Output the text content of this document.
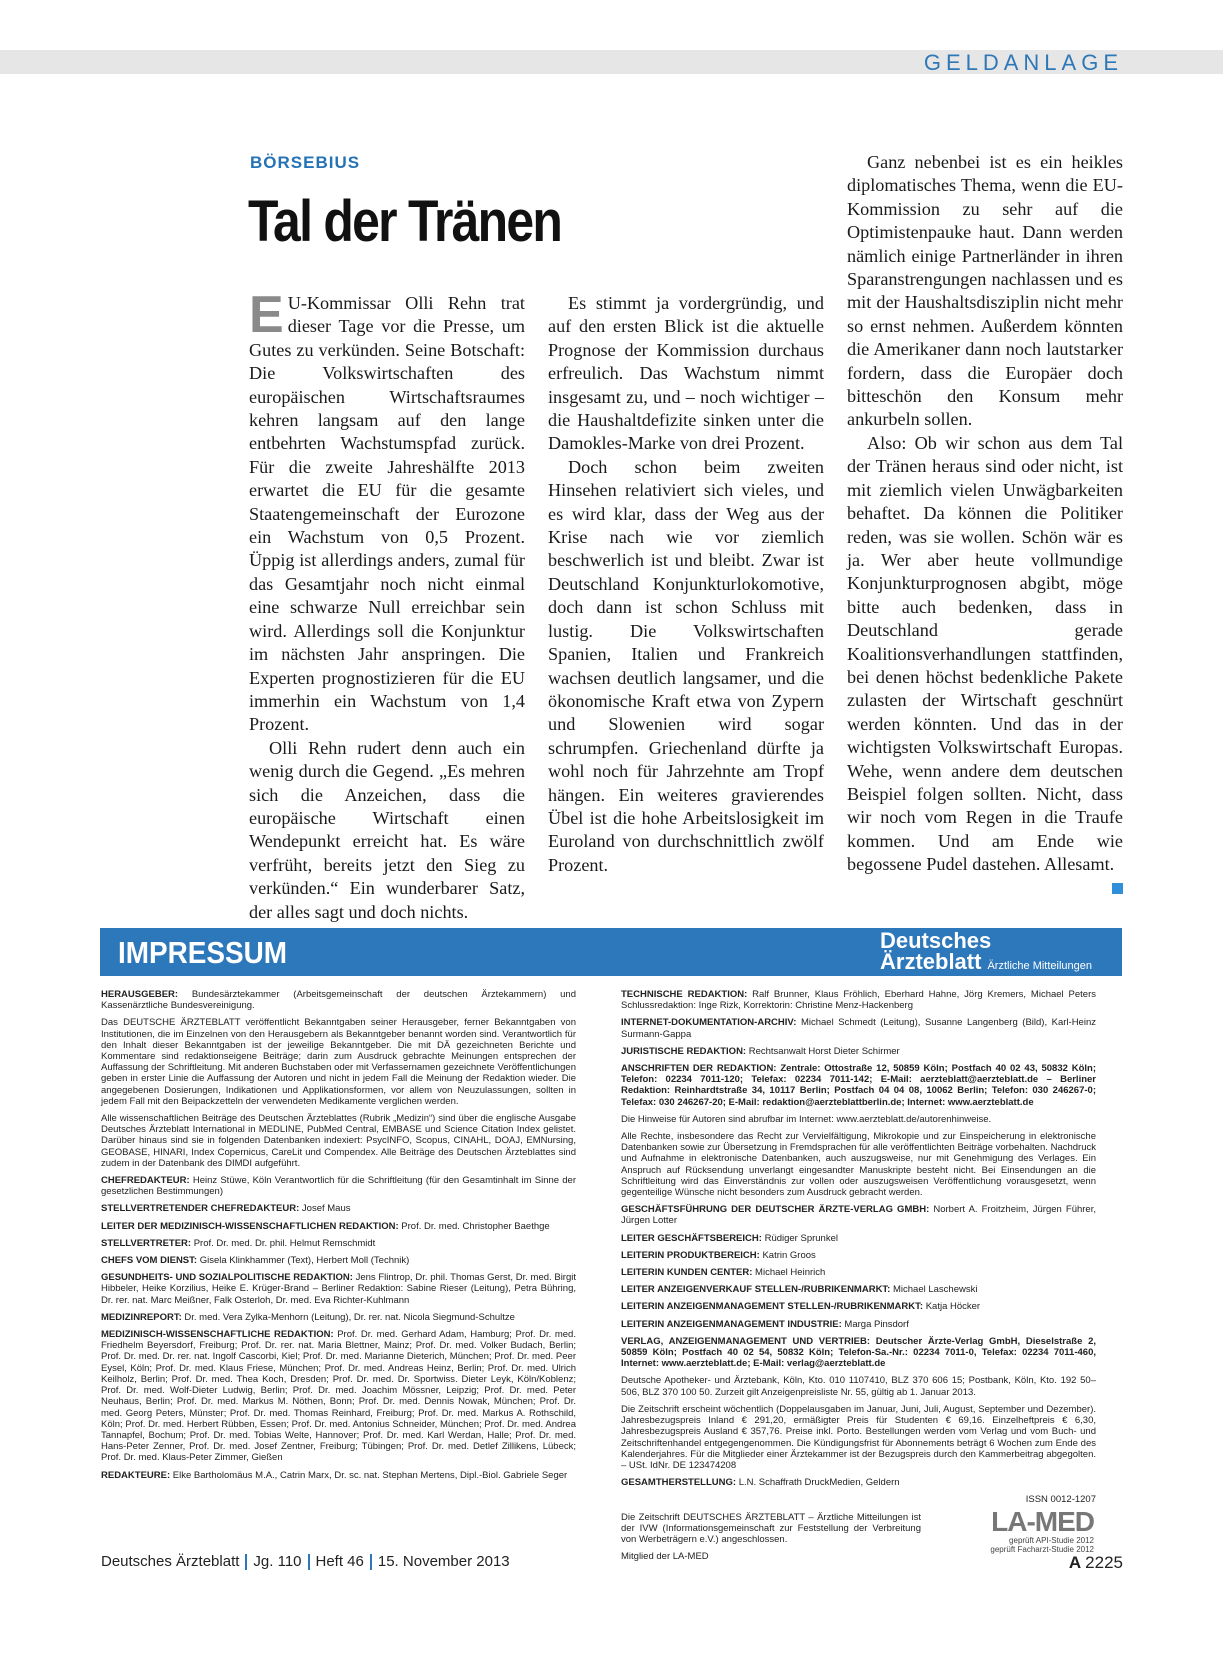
GELDANLAGE
BÖRSEBIUS
Tal der Tränen

E U-Kommissar Olli Rehn trat dieser Tage vor die Presse, um Gutes zu verkünden. Seine Botschaft: Die Volkswirtschaften des europäischen Wirtschaftsraumes kehren langsam auf den lange entbehrten Wachstumspfad zurück. Für die zweite Jahreshälfte 2013 erwartet die EU für die gesamte Staatengemeinschaft der Eurozone ein Wachstum von 0,5 Prozent. Üppig ist allerdings anders, zumal für das Gesamtjahr noch nicht einmal eine schwarze Null erreichbar sein wird. Allerdings soll die Konjunktur im nächsten Jahr anspringen. Die Experten prognostizieren für die EU immerhin ein Wachstum von 1,4 Prozent.

Olli Rehn rudert denn auch ein wenig durch die Gegend. „Es mehren sich die Anzeichen, dass die europäische Wirtschaft einen Wendepunkt erreicht hat. Es wäre verfrüht, bereits jetzt den Sieg zu verkünden.“ Ein wunderbarer Satz, der alles sagt und doch nichts.

Es stimmt ja vordergründig, und auf den ersten Blick ist die aktuelle Prognose der Kommission durchaus erfreulich. Das Wachstum nimmt insgesamt zu, und – noch wichtiger – die Haushaltdefizite sinken unter die Damokles-Marke von drei Prozent.

Doch schon beim zweiten Hinsehen relativiert sich vieles, und es wird klar, dass der Weg aus der Krise nach wie vor ziemlich beschwerlich ist und bleibt. Zwar ist Deutschland Konjunkturlokomotive, doch dann ist schon Schluss mit lustig. Die Volkswirtschaften Spanien, Italien und Frankreich wachsen deutlich langsamer, und die ökonomische Kraft etwa von Zypern und Slowenien wird sogar schrumpfen. Griechenland dürfte ja wohl noch für Jahrzehnte am Tropf hängen. Ein weiteres gravierendes Übel ist die hohe Arbeitslosigkeit im Euroland von durchschnittlich zwölf Prozent.

Ganz nebenbei ist es ein heikles diplomatisches Thema, wenn die EU-Kommission zu sehr auf die Optimistenpauke haut. Dann werden nämlich einige Partnerländer in ihren Sparanstrengungen nachlassen und es mit der Haushaltsdisziplin nicht mehr so ernst nehmen. Außerdem könnten die Amerikaner dann noch lautstarker fordern, dass die Europäer doch bitteschön den Konsum mehr ankurbeln sollen.

Also: Ob wir schon aus dem Tal der Tränen heraus sind oder nicht, ist mit ziemlich vielen Unwägbarkeiten behaftet. Da können die Politiker reden, was sie wollen. Schön wär es ja. Wer aber heute vollmundige Konjunkturprognosen abgibt, möge bitte auch bedenken, dass in Deutschland gerade Koalitionsverhandlungen stattfinden, bei denen höchst bedenkliche Pakete zulasten der Wirtschaft geschnürt werden könnten. Und das in der wichtigsten Volkswirtschaft Europas. Wehe, wenn andere dem deutschen Beispiel folgen sollten. Nicht, dass wir noch vom Regen in die Traufe kommen. Und am Ende wie begossene Pudel dastehen. Allesamt.

IMPRESSUM	Deutsches
Ärzteblatt Ärztliche Mitteilungen

HERAUSGEBER: Bundesärztekammer (Arbeitsgemeinschaft der deutschen Ärztekammern) und Kassenärztliche Bundesvereinigung.

Das DEUTSCHE ÄRZTEBLATT veröffentlicht Bekanntgaben seiner Herausgeber, ferner Bekanntgaben von Institutionen, die im Einzelnen von den Herausgebern als Bekanntgeber benannt worden sind. Verantwortlich für den Inhalt dieser Bekanntgaben ist der jeweilige Bekanntgeber. Die mit DÄ gezeichneten Berichte und Kommentare sind redaktionseigene Beiträge; darin zum Ausdruck gebrachte Meinungen entsprechen der Auffassung der Schriftleitung. Mit anderen Buchstaben oder mit Verfassernamen gezeichnete Veröffentlichungen geben in erster Linie die Auffassung der Autoren und nicht in jedem Fall die Meinung der Redaktion wieder. Die angegebenen Dosierungen, Indikationen und Applikationsformen, vor allem von Neuzulassungen, sollten in jedem Fall mit den Beipackzetteln der verwendeten Medikamente verglichen werden.

Alle wissenschaftlichen Beiträge des Deutschen Ärzteblattes (Rubrik „Medizin“) sind über die englische Ausgabe Deutsches Ärzteblatt International in MEDLINE, PubMed Central, EMBASE und Science Citation Index gelistet. Darüber hinaus sind sie in folgenden Datenbanken indexiert: PsycINFO, Scopus, CINAHL, DOAJ, EMNursing, GEOBASE, HINARI, Index Copernicus, CareLit und Compendex. Alle Beiträge des Deutschen Ärzteblattes sind zudem in der Datenbank des DIMDI aufgeführt.

CHEFREDAKTEUR: Heinz Stüwe, Köln Verantwortlich für die Schriftleitung (für den Gesamtinhalt im Sinne der gesetzlichen Bestimmungen)

STELLVERTRETENDER CHEFREDAKTEUR: Josef Maus

LEITER DER MEDIZINISCH-WISSENSCHAFTLICHEN REDAKTION: Prof. Dr. med. Christopher Baethge

STELLVERTRETER: Prof. Dr. med. Dr. phil. Helmut Remschmidt

CHEFS VOM DIENST: Gisela Klinkhammer (Text), Herbert Moll (Technik)

GESUNDHEITS- UND SOZIALPOLITISCHE REDAKTION: Jens Flintrop, Dr. phil. Thomas Gerst, Dr. med. Birgit Hibbeler, Heike Korzilius, Heike E. Krüger-Brand – Berliner Redaktion: Sabine Rieser (Leitung), Petra Bühring, Dr. rer. nat. Marc Meißner, Falk Osterloh, Dr. med. Eva Richter-Kuhlmann

MEDIZINREPORT: Dr. med. Vera Zylka-Menhorn (Leitung), Dr. rer. nat. Nicola Siegmund-Schultze

MEDIZINISCH-WISSENSCHAFTLICHE REDAKTION: Prof. Dr. med. Gerhard Adam, Hamburg; Prof. Dr. med. Friedhelm Beyersdorf, Freiburg; Prof. Dr. rer. nat. Maria Blettner, Mainz; Prof. Dr. med. Volker Budach, Berlin; Prof. Dr. med. Dr. rer. nat. Ingolf Cascorbi, Kiel; Prof. Dr. med. Marianne Dieterich, München; Prof. Dr. med. Peer Eysel, Köln; Prof. Dr. med. Klaus Friese, München; Prof. Dr. med. Andreas Heinz, Berlin; Prof. Dr. med. Ulrich Keilholz, Berlin; Prof. Dr. med. Thea Koch, Dresden; Prof. Dr. med. Dr. Sportwiss. Dieter Leyk, Köln/Koblenz; Prof. Dr. med. Wolf-Dieter Ludwig, Berlin; Prof. Dr. med. Joachim Mössner, Leipzig; Prof. Dr. med. Peter Neuhaus, Berlin; Prof. Dr. med. Markus M. Nöthen, Bonn; Prof. Dr. med. Dennis Nowak, München; Prof. Dr. med. Georg Peters, Münster; Prof. Dr. med. Thomas Reinhard, Freiburg; Prof. Dr. med. Markus A. Rothschild, Köln; Prof. Dr. med. Herbert Rübben, Essen; Prof. Dr. med. Antonius Schneider, München; Prof. Dr. med. Andrea Tannapfel, Bochum; Prof. Dr. med. Tobias Welte, Hannover; Prof. Dr. med. Karl Werdan, Halle; Prof. Dr. med. Hans-Peter Zenner, Prof. Dr. med. Josef Zentner, Freiburg; Tübingen; Prof. Dr. med. Detlef Zillikens, Lübeck; Prof. Dr. med. Klaus-Peter Zimmer, Gießen

REDAKTEURE: Elke Bartholomäus M.A., Catrin Marx, Dr. sc. nat. Stephan Mertens, Dipl.-Biol. Gabriele Seger

TECHNISCHE REDAKTION: Ralf Brunner, Klaus Fröhlich, Eberhard Hahne, Jörg Kremers, Michael Peters Schlussredaktion: Inge Rizk, Korrektorin: Christine Menz-Hackenberg

INTERNET-DOKUMENTATION-ARCHIV: Michael Schmedt (Leitung), Susanne Langenberg (Bild), Karl-Heinz Surmann-Gappa

JURISTISCHE REDAKTION: Rechtsanwalt Horst Dieter Schirmer

ANSCHRIFTEN DER REDAKTION: Zentrale: Ottostraße 12, 50859 Köln; Postfach 40 02 43, 50832 Köln; Telefon: 02234 7011-120; Telefax: 02234 7011-142; E-Mail: aerzteblatt@aerzteblatt.de – Berliner Redaktion: Reinhardtstraße 34, 10117 Berlin; Postfach 04 04 08, 10062 Berlin; Telefon: 030 246267-0; Telefax: 030 246267-20; E-Mail: redaktion@aerzteblattberlin.de; Internet: www.aerzteblatt.de

Die Hinweise für Autoren sind abrufbar im Internet: www.aerzteblatt.de/autorenhinweise.

Alle Rechte, insbesondere das Recht zur Vervielfältigung, Mikrokopie und zur Einspeicherung in elektronische Datenbanken sowie zur Übersetzung in Fremdsprachen für alle veröffentlichten Beiträge vorbehalten. Nachdruck und Aufnahme in elektronische Datenbanken, auch auszugsweise, nur mit Genehmigung des Verlages. Ein Anspruch auf Rücksendung unverlangt eingesandter Manuskripte besteht nicht. Bei Einsendungen an die Schriftleitung wird das Einverständnis zur vollen oder auszugsweisen Veröffentlichung vorausgesetzt, wenn gegenteilige Wünsche nicht besonders zum Ausdruck gebracht werden.

GESCHÄFTSFÜHRUNG DER DEUTSCHER ÄRZTE-VERLAG GMBH: Norbert A. Froitzheim, Jürgen Führer, Jürgen Lotter

LEITER GESCHÄFTSBEREICH: Rüdiger Sprunkel

LEITERIN PRODUKTBEREICH: Katrin Groos

LEITERIN KUNDEN CENTER: Michael Heinrich

LEITER ANZEIGENVERKAUF STELLEN-/RUBRIKENMARKT: Michael Laschewski

LEITERIN ANZEIGENMANAGEMENT STELLEN-/RUBRIKENMARKT: Katja Höcker

LEITERIN ANZEIGENMANAGEMENT INDUSTRIE: Marga Pinsdorf

VERLAG, ANZEIGENMANAGEMENT UND VERTRIEB: Deutscher Ärzte-Verlag GmbH, Dieselstraße 2, 50859 Köln; Postfach 40 02 54, 50832 Köln; Telefon-Sa.-Nr.: 02234 7011-0, Telefax: 02234 7011-460, Internet: www.aerzteblatt.de; E-Mail: verlag@aerzteblatt.de

Deutsche Apotheker- und Ärztebank, Köln, Kto. 010 1107410, BLZ 370 606 15; Postbank, Köln, Kto. 192 50–506, BLZ 370 100 50. Zurzeit gilt Anzeigenpreisliste Nr. 55, gültig ab 1. Januar 2013.

Die Zeitschrift erscheint wöchentlich (Doppelausgaben im Januar, Juni, Juli, August, September und Dezember). Jahresbezugspreis Inland € 291,20, ermäßigter Preis für Studenten € 69,16. Einzelheftpreis € 6,30, Jahresbezugspreis Ausland € 357,76. Preise inkl. Porto. Bestellungen werden vom Verlag und vom Buch- und Zeitschriftenhandel entgegengenommen. Die Kündigungsfrist für Abonnements beträgt 6 Wochen zum Ende des Kalenderjahres. Für die Mitglieder einer Ärztekammer ist der Bezugspreis durch den Kammerbeitrag abgegolten. – USt. IdNr. DE 123474208

GESAMTHERSTELLUNG: L.N. Schaffrath DruckMedien, Geldern

ISSN 0012-1207

Die Zeitschrift DEUTSCHES ÄRZTEBLATT – Ärztliche Mitteilungen ist der IVW (Informationsgemeinschaft zur Feststellung der Verbreitung von Werbeträgern e.V.) angeschlossen.

Mitglied der LA-MED

LA-MED
geprüft API-Studie 2012
geprüft Facharzt-Studie 2012
Deutsches Ärzteblatt Jg. 110 Heft 46 15. November 2013	A 2225
